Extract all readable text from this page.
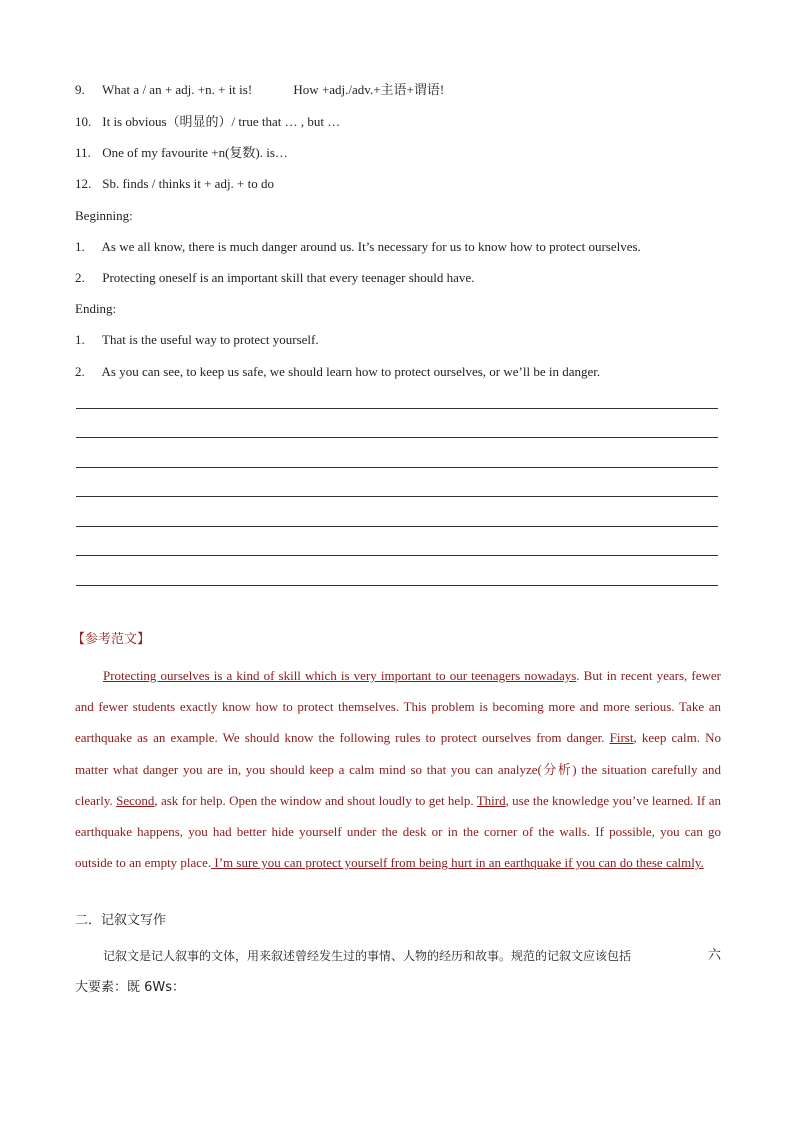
9. What a / an + adj. +n. + it is!	How +adj./adv.+主语+谓语!
10. It is obvious（明显的）/ true that … , but …
11. One of my favourite +n(复数). is…
12. Sb. finds / thinks it + adj. + to do
Beginning:
1. As we all know, there is much danger around us. It’s necessary for us to know how to protect ourselves.
2. Protecting oneself is an important skill that every teenager should have.
Ending:
1. That is the useful way to protect yourself.
2. As you can see, to keep us safe, we should learn how to protect ourselves, or we’ll be in danger.
【参考范文】

Protecting ourselves is a kind of skill which is very important to our teenagers nowadays. But in recent years, fewer and fewer students exactly know how to protect themselves. This problem is becoming more and more serious. Take an earthquake as an example. We should know the following rules to protect ourselves from danger. First, keep calm. No matter what danger you are in, you should keep a calm mind so that you can analyze(分析) the situation carefully and clearly. Second, ask for help. Open the window and shout loudly to get help. Third, use the knowledge you’ve learned. If an earthquake happens, you had better hide yourself under the desk or in the corner of the walls. If possible, you can go outside to an empty place. I’m sure you can protect yourself from being hurt in an earthquake if you can do these calmly.

二．记叙文写作
记叙文是记人叙事的文体，用来叙述曾经发生过的事情、人物的经历和故事。规范的记叙文应该包括	六
大要素：既 6Ws：
